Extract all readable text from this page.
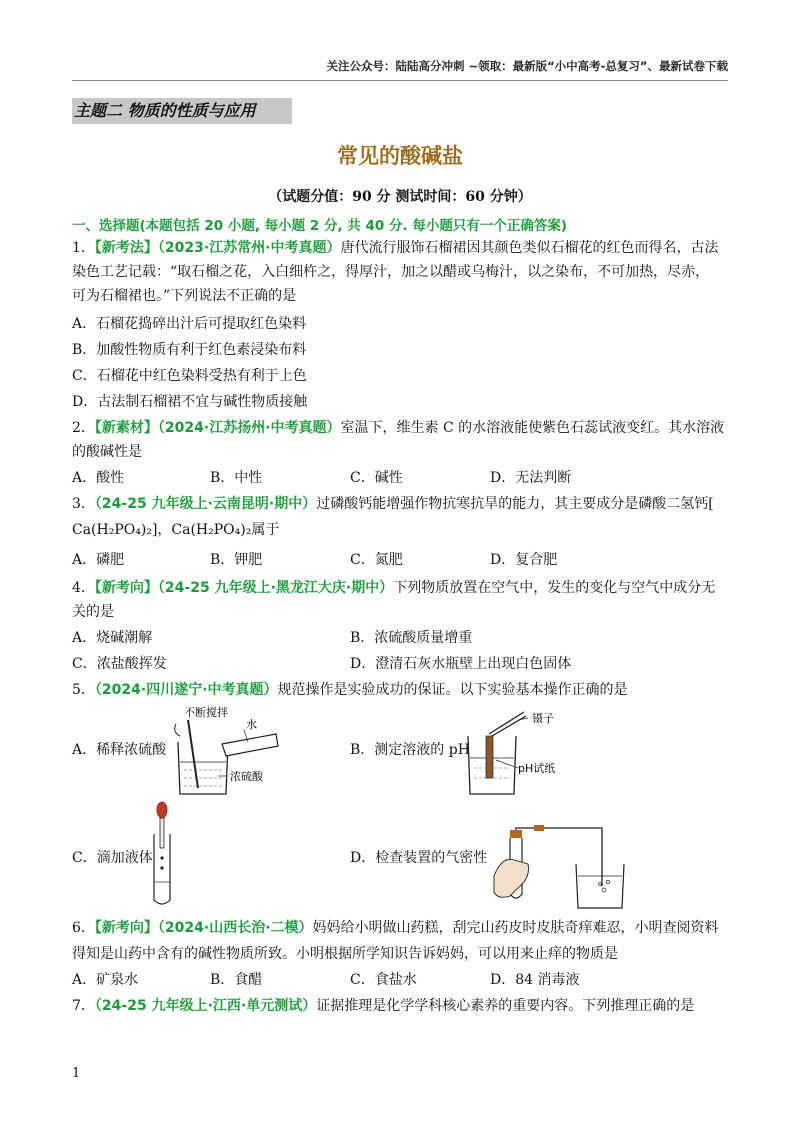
关注公众号：陆陆高分冲刺 ~领取：最新版“小中高考-总复习”、最新试卷下载
主题二 物质的性质与应用
常见的酸碱盐
（试题分值：90 分 测试时间：60 分钟）
一、选择题(本题包括 20 小题, 每小题 2 分, 共 40 分. 每小题只有一个正确答案)
1．【新考法】（2023·江苏常州·中考真题）唐代流行服饰石榴裙因其颜色类似石榴花的红色而得名，古法
染色工艺记载：“取石榴之花，入白细杵之，得厚汁，加之以醋或乌梅汁，以之染布，不可加热，尽赤，
可为石榴裙也。”下列说法不正确的是
A．石榴花捣碎出汁后可提取红色染料
B．加酸性物质有利于红色素浸染布料
C．石榴花中红色染料受热有利于上色
D．古法制石榴裙不宜与碱性物质接触
2．【新素材】（2024·江苏扬州·中考真题）室温下，维生素 C 的水溶液能使紫色石蕊试液变红。其水溶液
的酸碱性是
A．酸性	B．中性	C．碱性	D．无法判断
3．（24-25 九年级上·云南昆明·期中）过磷酸钙能增强作物抗寒抗旱的能力，其主要成分是磷酸二氢钙[
Ca(H₂PO₄)₂]，Ca(H₂PO₄)₂属于
A．磷肥	B．钾肥	C．氮肥	D．复合肥
4．【新考向】（24-25 九年级上·黑龙江大庆·期中）下列物质放置在空气中，发生的变化与空气中成分无
关的是
A．烧碱潮解	B．浓硫酸质量增重
C．浓盐酸挥发	D．澄清石灰水瓶壁上出现白色固体
5．（2024·四川遂宁·中考真题）规范操作是实验成功的保证。以下实验基本操作正确的是
A．稀释浓硫酸
不断搅拌
水
浓硫酸
B．测定溶液的 pH
镊子
pH试纸
C．滴加液体	D．检查装置的气密性
6．【新考向】（2024·山西长治·二模）妈妈给小明做山药糕，刮完山药皮时皮肤奇痒难忍，小明查阅资料
得知是山药中含有的碱性物质所致。小明根据所学知识告诉妈妈，可以用来止痒的物质是
A．矿泉水	B．食醋	C．食盐水	D．84 消毒液
7．（24-25 九年级上·江西·单元测试）证据推理是化学学科核心素养的重要内容。下列推理正确的是
1
